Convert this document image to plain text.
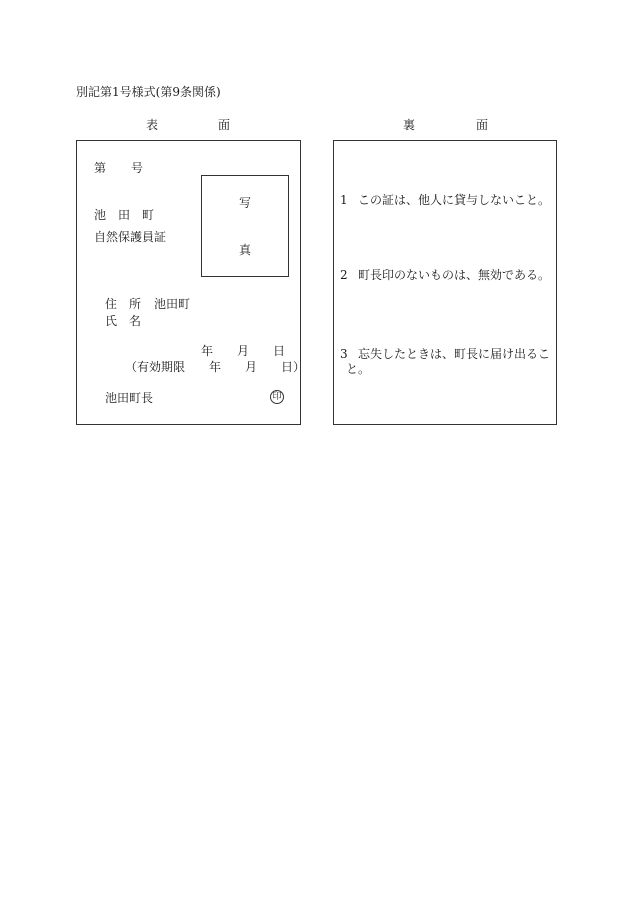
別記第1号様式(第9条関係)
表	面
第 号
池　田　町
自然保護員証
写
真
住　所 池田町
氏　名
年　　月　　日
（有効期限　　年　　月　　日）
池田町長	印
裏	面
1 この証は、他人に貸与しないこと。
2 町長印のないものは、無効である。
3 忘失したときは、町長に届け出るこ
と。
